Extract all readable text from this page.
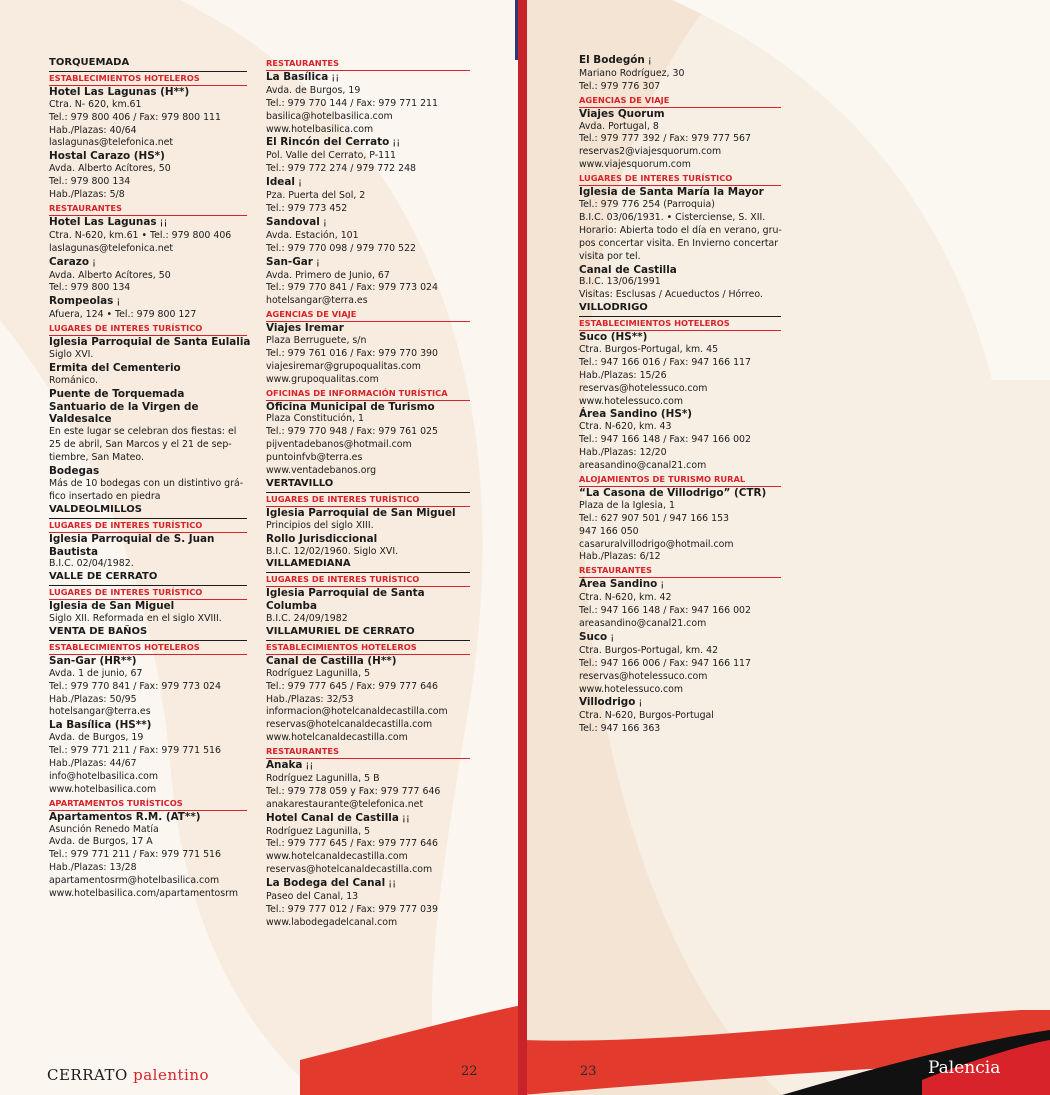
TORQUEMADA

ESTABLECIMIENTOS HOTELEROS

Hotel Las Lagunas (H**)

Ctra. N- 620, km.61

Tel.: 979 800 406 / Fax: 979 800 111

Hab./Plazas: 40/64

laslagunas@telefonica.net

Hostal Carazo (HS*)

Avda. Alberto Acítores, 50

Tel.: 979 800 134

Hab./Plazas: 5/8

RESTAURANTES

Hotel Las Lagunas ¡¡

Ctra. N-620, km.61 • Tel.: 979 800 406

laslagunas@telefonica.net

Carazo ¡

Avda. Alberto Acítores, 50

Tel.: 979 800 134

Rompeolas ¡

Afuera, 124 • Tel.: 979 800 127

LUGARES DE INTERES TURÍSTICO

Iglesia Parroquial de Santa Eulalia

Siglo XVI.

Ermita del Cementerio

Románico.

Puente de Torquemada

Santuario de la Virgen de

Valdesalce

En este lugar se celebran dos fiestas: el

25 de abril, San Marcos y el 21 de sep-

tiembre, San Mateo.

Bodegas

Más de 10 bodegas con un distintivo grá-

fico insertado en piedra

VALDEOLMILLOS

LUGARES DE INTERES TURÍSTICO

Iglesia Parroquial de S. Juan

Bautista

B.I.C. 02/04/1982.

VALLE DE CERRATO

LUGARES DE INTERES TURÍSTICO

Iglesia de San Miguel

Siglo XII. Reformada en el siglo XVIII.

VENTA DE BAÑOS

ESTABLECIMIENTOS HOTELEROS

San-Gar (HR**)

Avda. 1 de junio, 67

Tel.: 979 770 841 / Fax: 979 773 024

Hab./Plazas: 50/95

hotelsangar@terra.es

La Basílica (HS**)

Avda. de Burgos, 19

Tel.: 979 771 211 / Fax: 979 771 516

Hab./Plazas: 44/67

info@hotelbasilica.com

www.hotelbasilica.com

APARTAMENTOS TURÍSTICOS

Apartamentos R.M. (AT**)

Asunción Renedo Matía

Avda. de Burgos, 17 A

Tel.: 979 771 211 / Fax: 979 771 516

Hab./Plazas: 13/28

apartamentosrm@hotelbasilica.com

www.hotelbasilica.com/apartamentosrm

RESTAURANTES

La Basílica ¡¡

Avda. de Burgos, 19

Tel.: 979 770 144 / Fax: 979 771 211

basilica@hotelbasilica.com

www.hotelbasilica.com

El Rincón del Cerrato ¡¡

Pol. Valle del Cerrato, P-111

Tel.: 979 772 274 / 979 772 248

Ideal ¡

Pza. Puerta del Sol, 2

Tel.: 979 773 452

Sandoval ¡

Avda. Estación, 101

Tel.: 979 770 098 / 979 770 522

San-Gar ¡

Avda. Primero de Junio, 67

Tel.: 979 770 841 / Fax: 979 773 024

hotelsangar@terra.es

AGENCIAS DE VIAJE

Viajes Iremar

Plaza Berruguete, s/n

Tel.: 979 761 016 / Fax: 979 770 390

viajesiremar@grupoqualitas.com

www.grupoqualitas.com

OFICINAS DE INFORMACIÓN TURÍSTICA

Oficina Municipal de Turismo

Plaza Constitución, 1

Tel.: 979 770 948 / Fax: 979 761 025

pijventadebanos@hotmail.com

puntoinfvb@terra.es

www.ventadebanos.org

VERTAVILLO

LUGARES DE INTERES TURÍSTICO

Iglesia Parroquial de San Miguel

Principios del siglo XIII.

Rollo Jurisdiccional

B.I.C. 12/02/1960. Siglo XVI.

VILLAMEDIANA

LUGARES DE INTERES TURÍSTICO

Iglesia Parroquial de Santa

Columba

B.I.C. 24/09/1982

VILLAMURIEL DE CERRATO

ESTABLECIMIENTOS HOTELEROS

Canal de Castilla (H**)

Rodríguez Lagunilla, 5

Tel.: 979 777 645 / Fax: 979 777 646

Hab./Plazas: 32/53

informacion@hotelcanaldecastilla.com

reservas@hotelcanaldecastilla.com

www.hotelcanaldecastilla.com

RESTAURANTES

Anaka ¡¡

Rodríguez Lagunilla, 5 B

Tel.: 979 778 059 y Fax: 979 777 646

anakarestaurante@telefonica.net

Hotel Canal de Castilla ¡¡

Rodríguez Lagunilla, 5

Tel.: 979 777 645 / Fax: 979 777 646

www.hotelcanaldecastilla.com

reservas@hotelcanaldecastilla.com

La Bodega del Canal ¡¡

Paseo del Canal, 13

Tel.: 979 777 012 / Fax: 979 777 039

www.labodegadelcanal.com

El Bodegón ¡

Mariano Rodríguez, 30

Tel.: 979 776 307

AGENCIAS DE VIAJE

Viajes Quorum

Avda. Portugal, 8

Tel.: 979 777 392 / Fax: 979 777 567

reservas2@viajesquorum.com

www.viajesquorum.com

LUGARES DE INTERES TURÍSTICO

Iglesia de Santa María la Mayor

Tel.: 979 776 254 (Parroquia)

B.I.C. 03/06/1931. • Cisterciense, S. XII.

Horario: Abierta todo el día en verano, gru-

pos concertar visita. En Invierno concertar

visita por tel.

Canal de Castilla

B.I.C. 13/06/1991

Visitas: Esclusas / Acueductos / Hórreo.

VILLODRIGO

ESTABLECIMIENTOS HOTELEROS

Suco (HS**)

Ctra. Burgos-Portugal, km. 45

Tel.: 947 166 016 / Fax: 947 166 117

Hab./Plazas: 15/26

reservas@hotelessuco.com

www.hotelessuco.com

Área Sandino (HS*)

Ctra. N-620, km. 43

Tel.: 947 166 148 / Fax: 947 166 002

Hab./Plazas: 12/20

areasandino@canal21.com

ALOJAMIENTOS DE TURISMO RURAL

“La Casona de Villodrigo” (CTR)

Plaza de la Iglesia, 1

Tel.: 627 907 501 / 947 166 153

947 166 050

casaruralvillodrigo@hotmail.com

Hab./Plazas: 6/12

RESTAURANTES

Área Sandino ¡

Ctra. N-620, km. 42

Tel.: 947 166 148 / Fax: 947 166 002

areasandino@canal21.com

Suco ¡

Ctra. Burgos-Portugal, km. 42

Tel.: 947 166 006 / Fax: 947 166 117

reservas@hotelessuco.com

www.hotelessuco.com

Villodrigo ¡

Ctra. N-620, Burgos-Portugal

Tel.: 947 166 363

CERRATO palentino	22	23	Palencia
